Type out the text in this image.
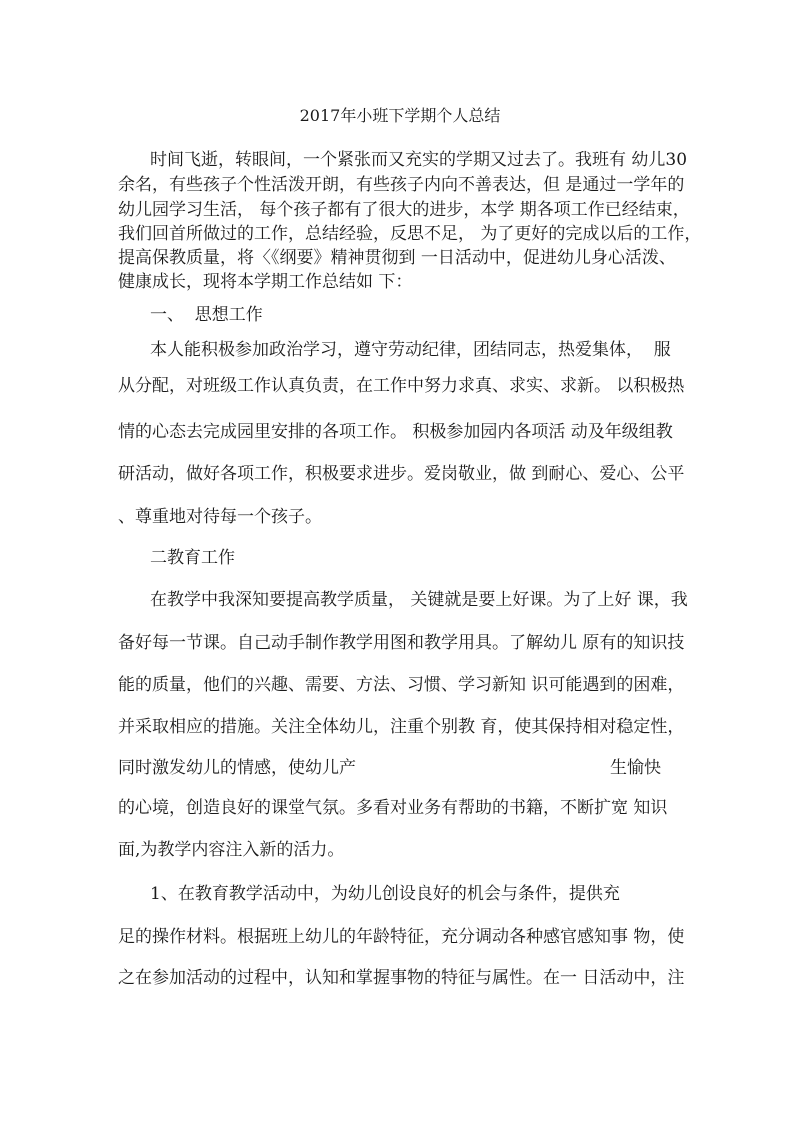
2017年小班下学期个人总结
时间飞逝，转眼间，一个紧张而又充实的学期又过去了。我班有 幼儿30
余名，有些孩子个性活泼开朗，有些孩子内向不善表达，但 是通过一学年的
幼儿园学习生活， 每个孩子都有了很大的进步，本学 期各项工作已经结束，
我们回首所做过的工作，总结经验，反思不足， 为了更好的完成以后的工作，
提高保教质量，将〈《纲要》精神贯彻到 一日活动中，促进幼儿身心活泼、
健康成长，现将本学期工作总结如 下：
一、  思想工作
本人能积极参加政治学习，遵守劳动纪律，团结同志，热爱集体，  服
从分配，对班级工作认真负责，在工作中努力求真、求实、求新。 以积极热
情的心态去完成园里安排的各项工作。 积极参加园内各项活 动及年级组教
研活动，做好各项工作，积极要求进步。爱岗敬业，做 到耐心、爱心、公平
、尊重地对待每一个孩子。
二教育工作
在教学中我深知要提高教学质量， 关键就是要上好课。为了上好 课，我
备好每一节课。自己动手制作教学用图和教学用具。了解幼儿 原有的知识技
能的质量，他们的兴趣、需要、方法、习惯、学习新知 识可能遇到的困难，
并采取相应的措施。关注全体幼儿，注重个别教 育，使其保持相对稳定性，
同时激发幼儿的情感，使幼儿产	生愉快
的心境，创造良好的课堂气氛。多看对业务有帮助的书籍，不断扩宽 知识
面,为教学内容注入新的活力。
1、在教育教学活动中，为幼儿创设良好的机会与条件，提供充
足的操作材料。根据班上幼儿的年龄特征，充分调动各种感官感知事 物，使
之在参加活动的过程中，认知和掌握事物的特征与属性。在一 日活动中，注
